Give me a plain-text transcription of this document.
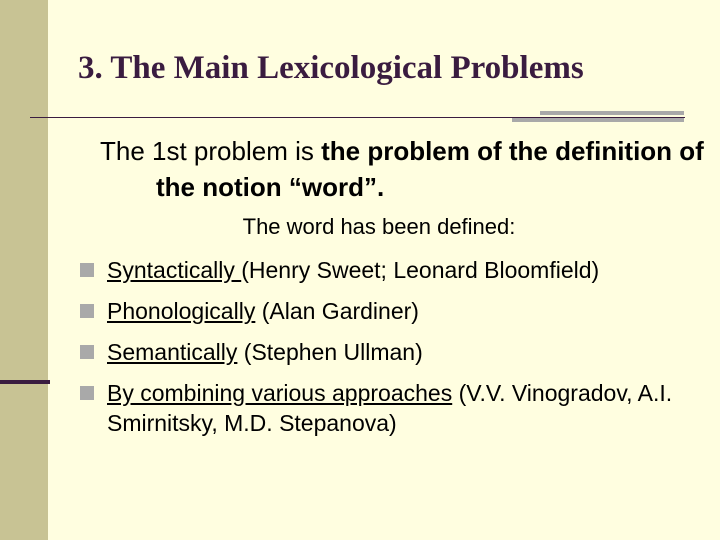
3. The Main Lexicological Problems

The 1st problem is the problem of the definition of the notion “word”.

The word has been defined:

Syntactically (Henry Sweet; Leonard Bloomfield)
Phonologically (Alan Gardiner)
Semantically (Stephen Ullman)
By combining various approaches (V.V. Vinogradov, A.I. Smirnitsky, M.D. Stepanova)
